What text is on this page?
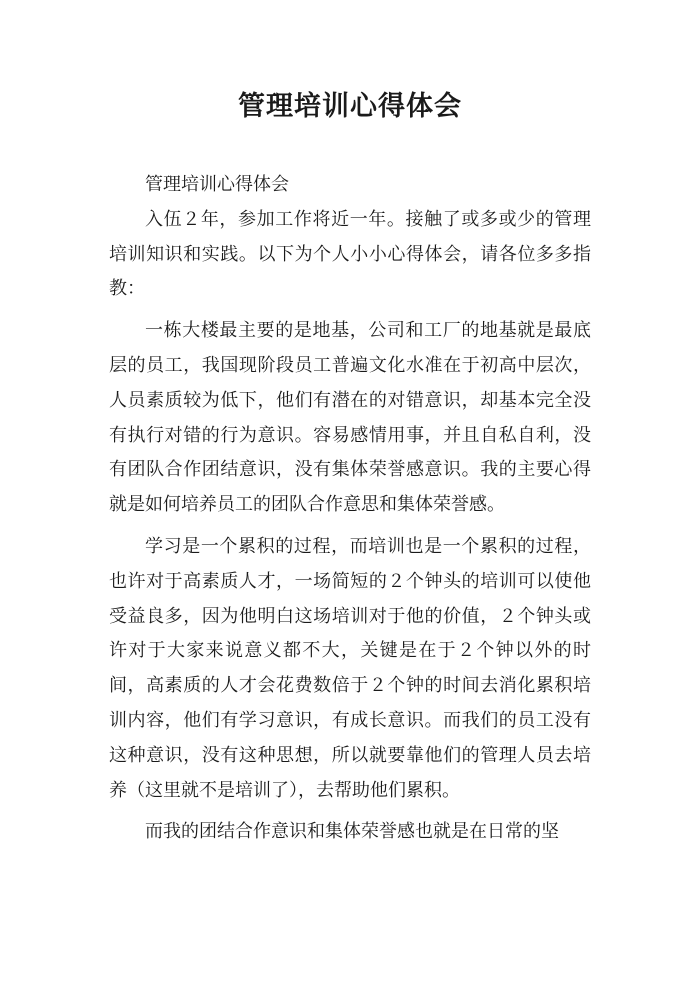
管理培训心得体会

管理培训心得体会

入伍２年，参加工作将近一年。接触了或多或少的管理培训知识和实践。以下为个人小小心得体会，请各位多多指教：

一栋大楼最主要的是地基，公司和工厂的地基就是最底层的员工，我国现阶段员工普遍文化水准在于初高中层次，人员素质较为低下，他们有潜在的对错意识，却基本完全没有执行对错的行为意识。容易感情用事，并且自私自利，没有团队合作团结意识，没有集体荣誉感意识。我的主要心得就是如何培养员工的团队合作意思和集体荣誉感。

学习是一个累积的过程，而培训也是一个累积的过程，也许对于高素质人才，一场简短的２个钟头的培训可以使他受益良多，因为他明白这场培训对于他的价值，２个钟头或许对于大家来说意义都不大，关键是在于２个钟以外的时间，高素质的人才会花费数倍于２个钟的时间去消化累积培训内容，他们有学习意识，有成长意识。而我们的员工没有这种意识，没有这种思想，所以就要靠他们的管理人员去培养（这里就不是培训了），去帮助他们累积。

而我的团结合作意识和集体荣誉感也就是在日常的坚
